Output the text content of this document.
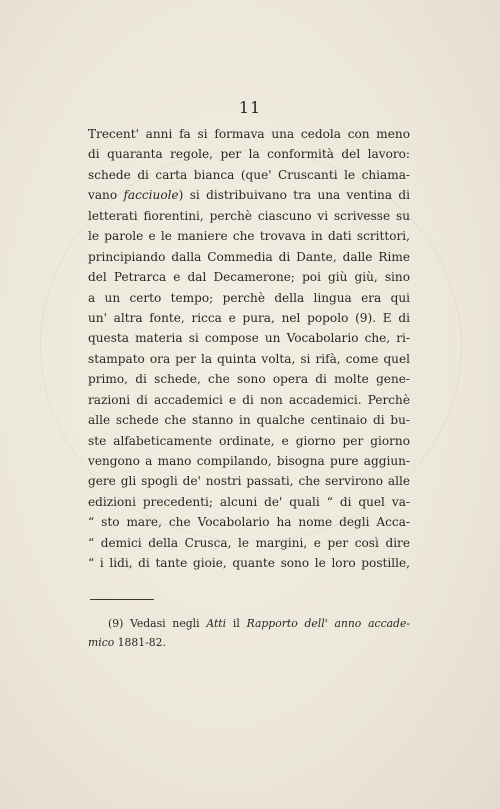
11
Trecent' anni fa si formava una cedola con meno
di quaranta regole, per la conformità del lavoro:
schede di carta bianca (que' Cruscanti le chiama-
vano facciuole) si distribuivano tra una ventina di
letterati fiorentini, perchè ciascuno vi scrivesse su
le parole e le maniere che trovava in dati scrittori,
principiando dalla Commedia di Dante, dalle Rime
del Petrarca e dal Decamerone; poi giù giù, sino
a un certo tempo; perchè della lingua era qui
un' altra fonte, ricca e pura, nel popolo (9). E di
questa materia si compose un Vocabolario che, ri-
stampato ora per la quinta volta, si rifà, come quel
primo, di schede, che sono opera di molte gene-
razioni di accademici e di non accademici. Perchè
alle schede che stanno in qualche centinaio di bu-
ste alfabeticamente ordinate, e giorno per giorno
vengono a mano compilando, bisogna pure aggiun-
gere gli spogli de' nostri passati, che servirono alle
edizioni precedenti; alcuni de' quali “ di quel va-
“ sto mare, che Vocabolario ha nome degli Acca-
“ demici della Crusca, le margini, e per così dire
“ i lidi, di tante gioie, quante sono le loro postille,
(9) Vedasi negli Atti il Rapporto dell' anno accade-
mico 1881-82.
